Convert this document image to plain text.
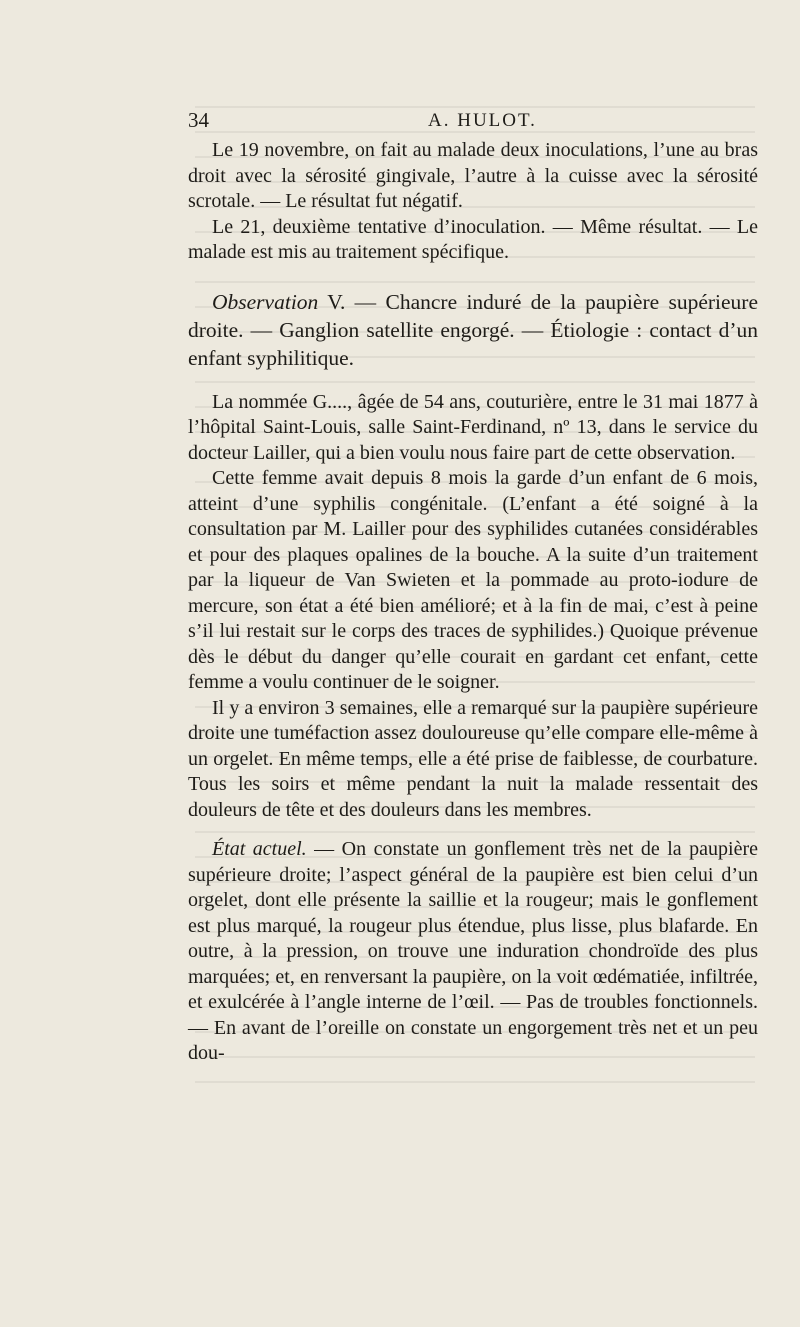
34	A. HULOT.

Le 19 novembre, on fait au malade deux inoculations, l’une au bras droit avec la sérosité gingivale, l’autre à la cuisse avec la sérosité scrotale. — Le résultat fut négatif.

Le 21, deuxième tentative d’inoculation. — Même résultat. — Le malade est mis au traitement spécifique.

Observation V. — Chancre induré de la paupière supérieure droite. — Ganglion satellite engorgé. — Étiologie : contact d’un enfant syphilitique.

La nommée G...., âgée de 54 ans, couturière, entre le 31 mai 1877 à l’hôpital Saint-Louis, salle Saint-Ferdinand, nº 13, dans le service du docteur Lailler, qui a bien voulu nous faire part de cette observation.

Cette femme avait depuis 8 mois la garde d’un enfant de 6 mois, atteint d’une syphilis congénitale. (L’enfant a été soigné à la consultation par M. Lailler pour des syphilides cutanées considérables et pour des plaques opalines de la bouche. A la suite d’un traitement par la liqueur de Van Swieten et la pommade au proto-iodure de mercure, son état a été bien amélioré; et à la fin de mai, c’est à peine s’il lui restait sur le corps des traces de syphilides.) Quoique prévenue dès le début du danger qu’elle courait en gardant cet enfant, cette femme a voulu continuer de le soigner.

Il y a environ 3 semaines, elle a remarqué sur la paupière supérieure droite une tuméfaction assez douloureuse qu’elle compare elle-même à un orgelet. En même temps, elle a été prise de faiblesse, de courbature. Tous les soirs et même pendant la nuit la malade ressentait des douleurs de tête et des douleurs dans les membres.

État actuel. — On constate un gonflement très net de la paupière supérieure droite; l’aspect général de la paupière est bien celui d’un orgelet, dont elle présente la saillie et la rougeur; mais le gonflement est plus marqué, la rougeur plus étendue, plus lisse, plus blafarde. En outre, à la pression, on trouve une induration chondroïde des plus marquées; et, en renversant la paupière, on la voit œdématiée, infiltrée, et exulcérée à l’angle interne de l’œil. — Pas de troubles fonctionnels. — En avant de l’oreille on constate un engorgement très net et un peu dou-
